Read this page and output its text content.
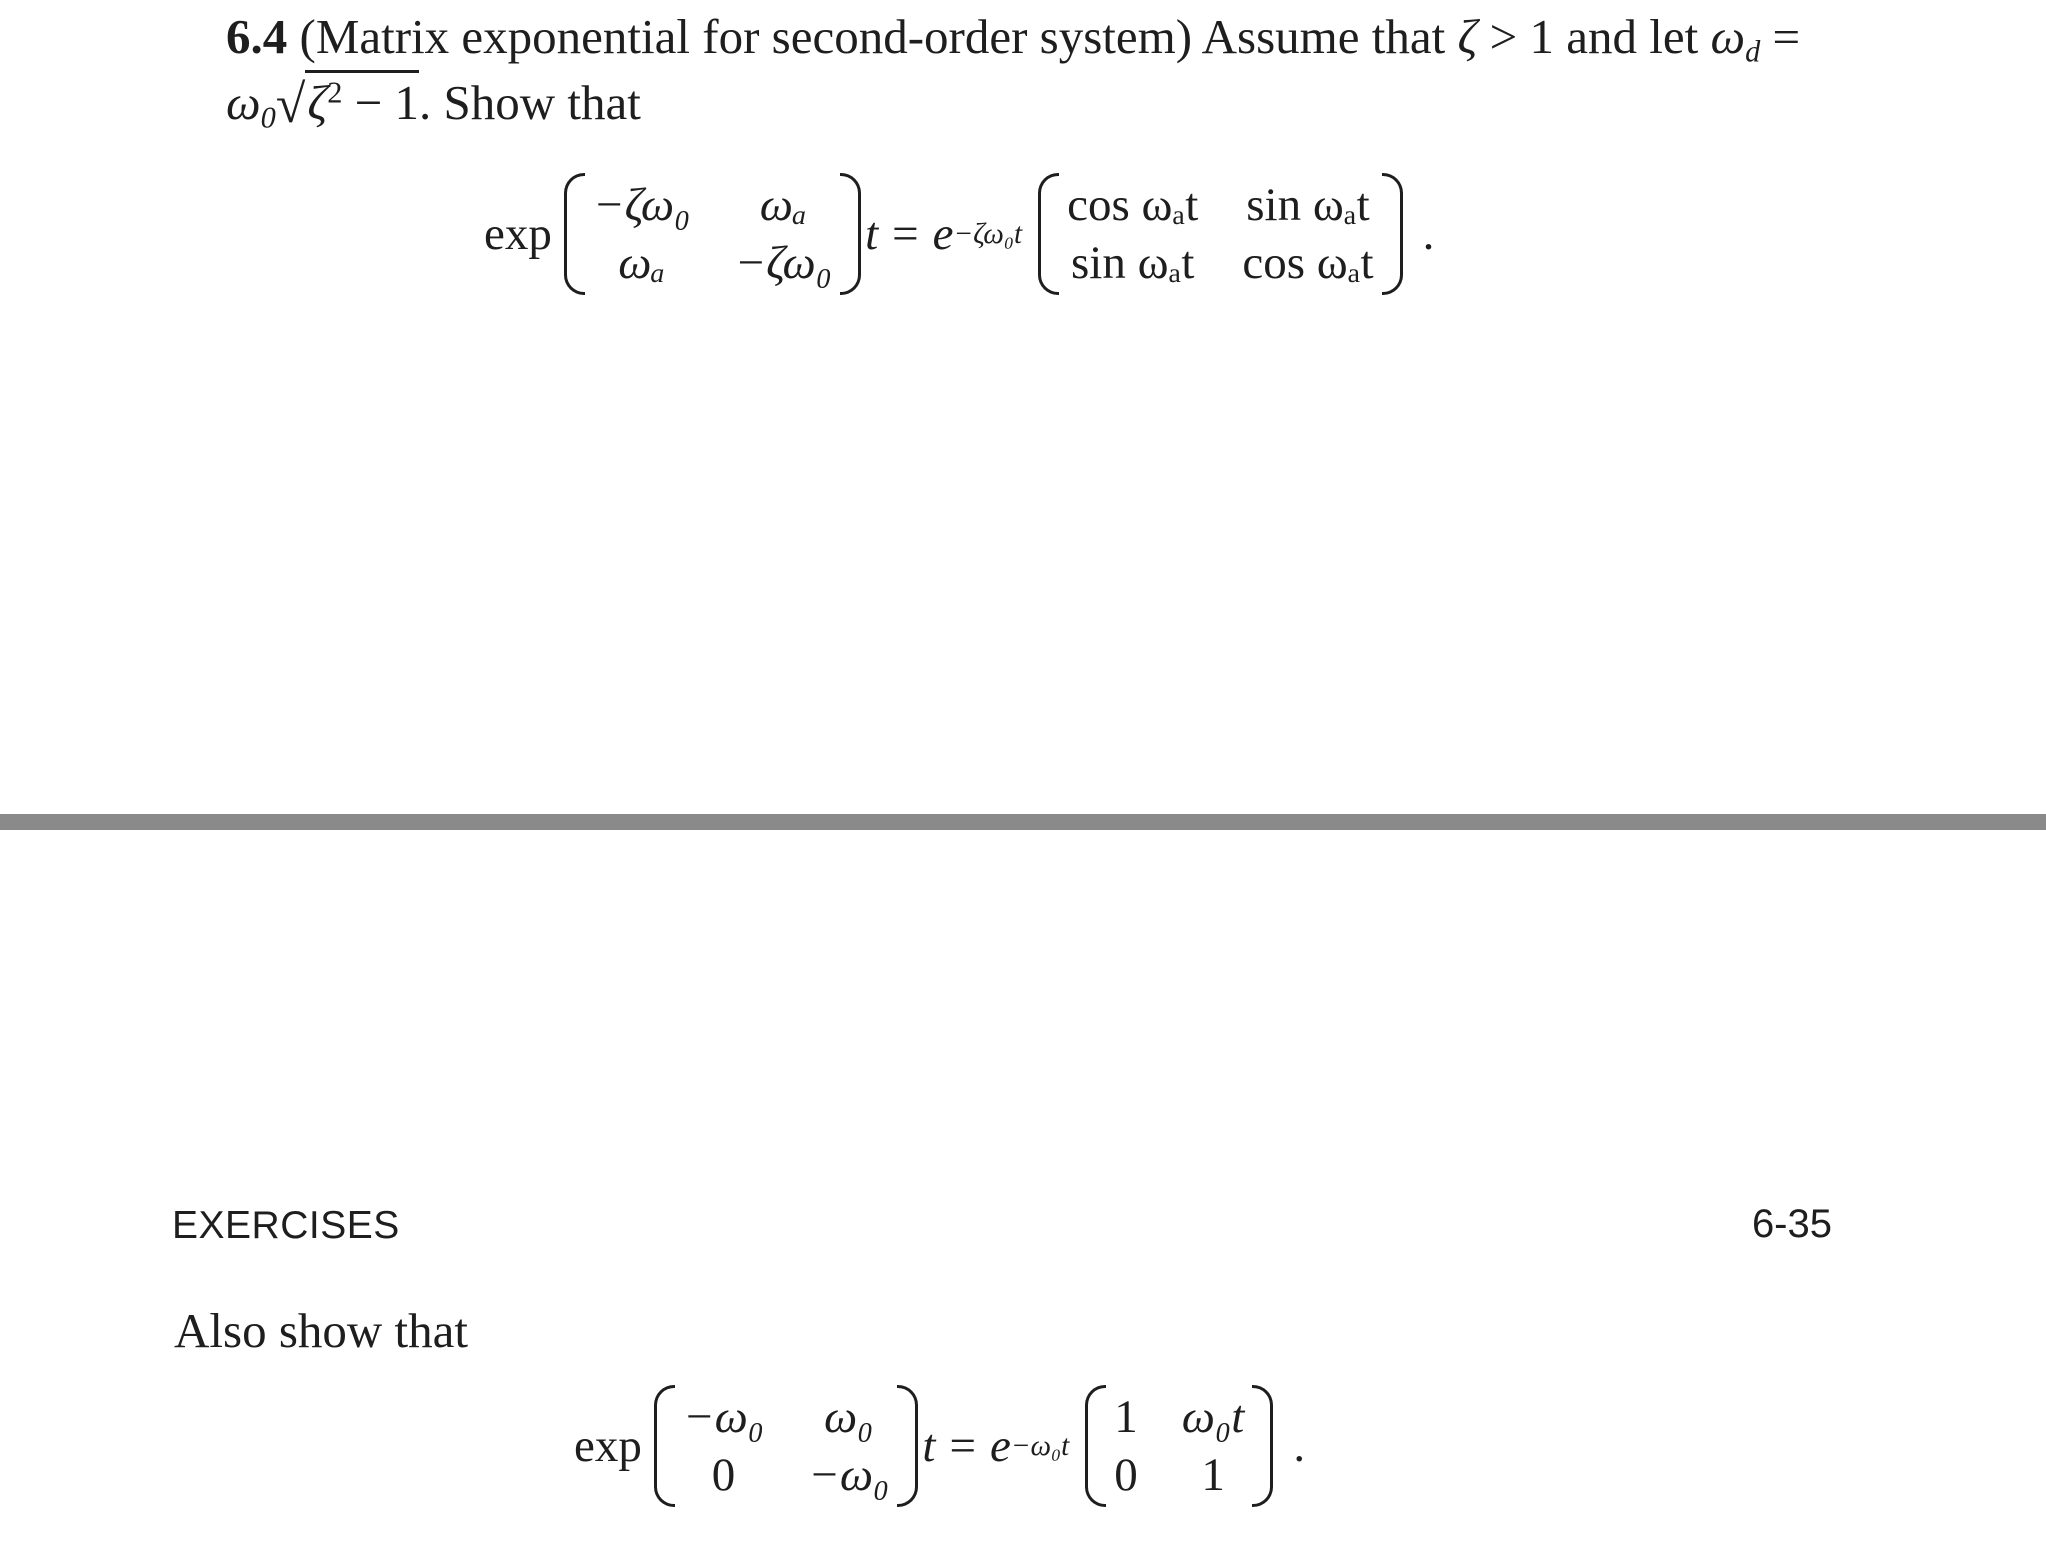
6.4 (Matrix exponential for second-order system) Assume that ζ > 1 and let $\omega_d$ =
$\omega_0√\zeta^2 - 1$. Show that
exp
−ζω₀	ωₐ
ωₐ	−ζω₀
t = e −ζω₀t
cos ωₐt sin ωₐt
sin ωₐt cos ωₐt
.
EXERCISES	6-35
Also show that
exp
−ω₀	ω₀
0	−ω₀
t = e −ω₀t
1 ω₀t
0	1
.
